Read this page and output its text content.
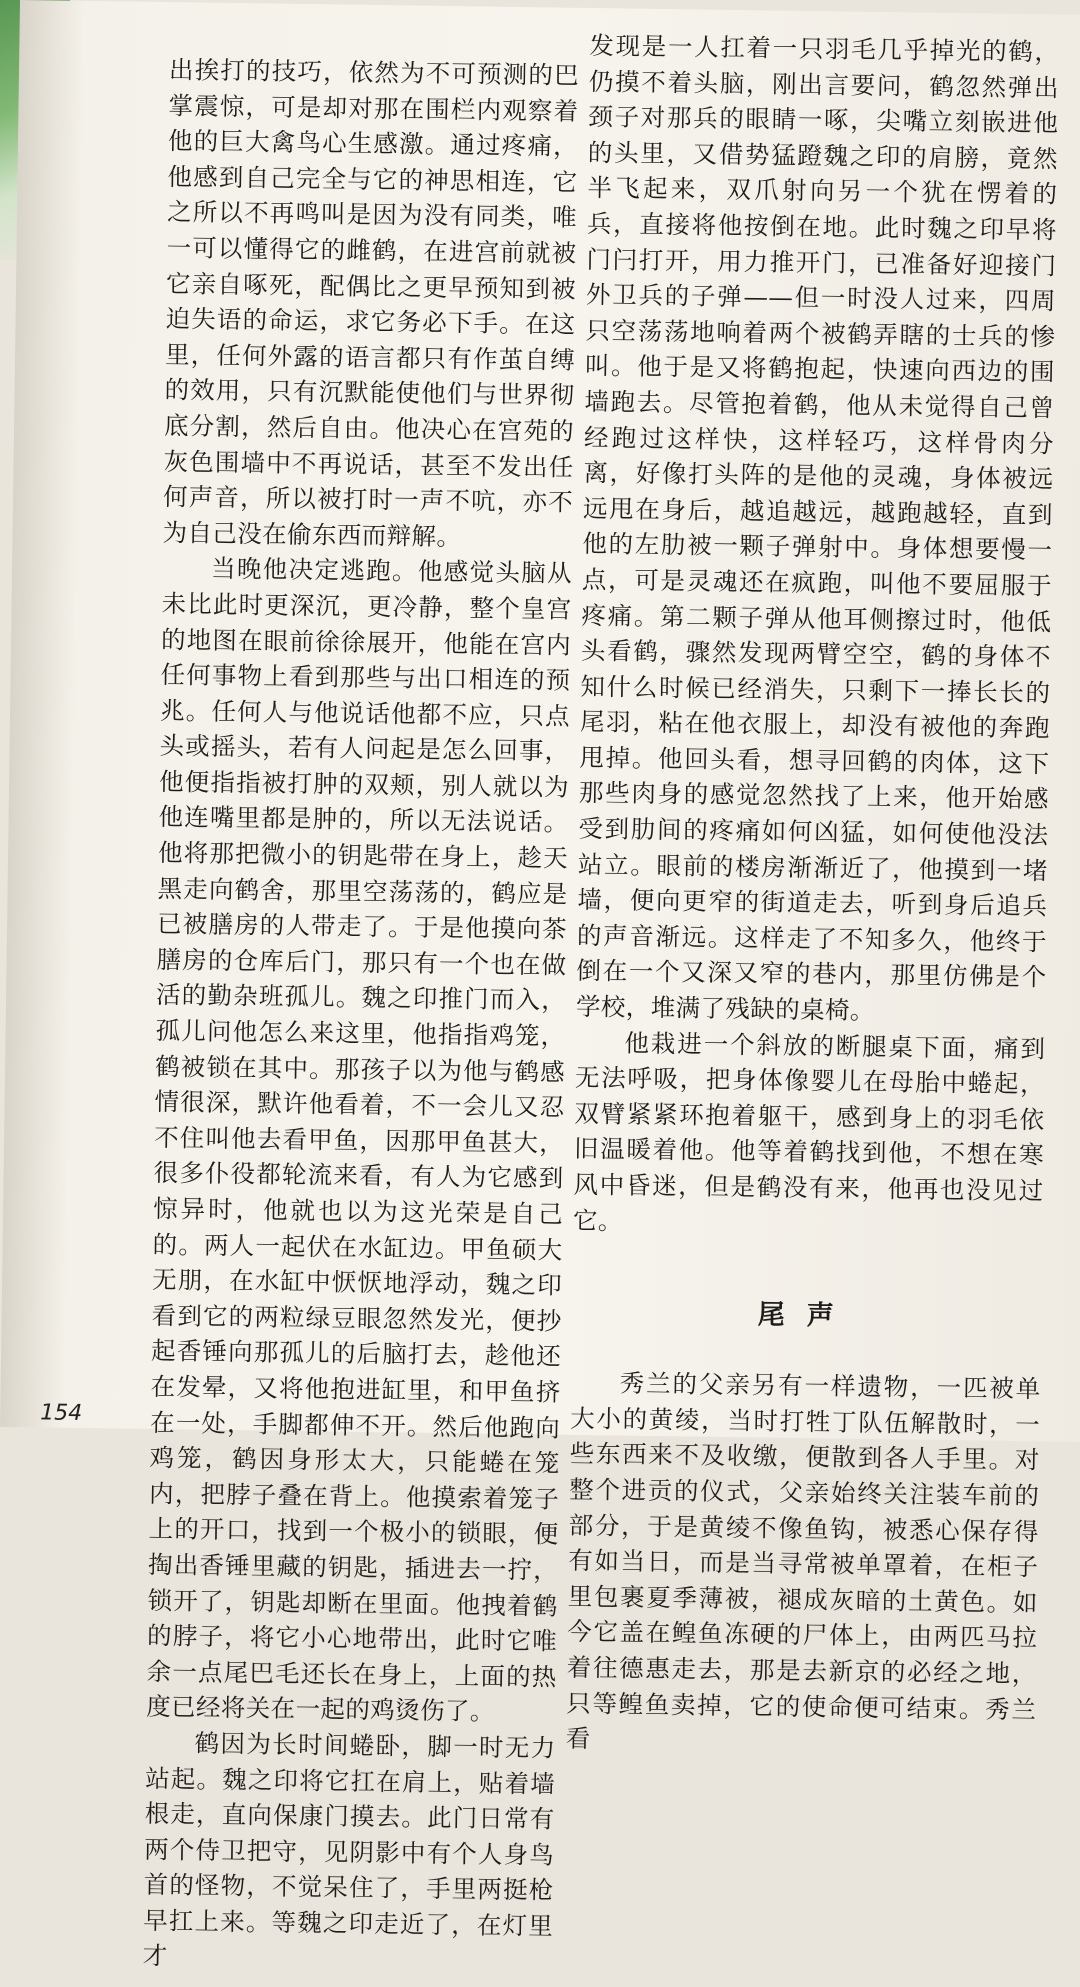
出挨打的技巧，依然为不可预测的巴掌震惊，可是却对那在围栏内观察着他的巨大禽鸟心生感激。通过疼痛，他感到自己完全与它的神思相连，它之所以不再鸣叫是因为没有同类，唯一可以懂得它的雌鹤，在进宫前就被它亲自啄死，配偶比之更早预知到被迫失语的命运，求它务必下手。在这里，任何外露的语言都只有作茧自缚的效用，只有沉默能使他们与世界彻底分割，然后自由。他决心在宫苑的灰色围墙中不再说话，甚至不发出任何声音，所以被打时一声不吭，亦不为自己没在偷东西而辩解。

当晚他决定逃跑。他感觉头脑从未比此时更深沉，更冷静，整个皇宫的地图在眼前徐徐展开，他能在宫内任何事物上看到那些与出口相连的预兆。任何人与他说话他都不应，只点头或摇头，若有人问起是怎么回事，他便指指被打肿的双颊，别人就以为他连嘴里都是肿的，所以无法说话。他将那把微小的钥匙带在身上，趁天黑走向鹤舍，那里空荡荡的，鹤应是已被膳房的人带走了。于是他摸向茶膳房的仓库后门，那只有一个也在做活的勤杂班孤儿。魏之印推门而入，孤儿问他怎么来这里，他指指鸡笼，鹤被锁在其中。那孩子以为他与鹤感情很深，默许他看着，不一会儿又忍不住叫他去看甲鱼，因那甲鱼甚大，很多仆役都轮流来看，有人为它感到惊异时，他就也以为这光荣是自己的。两人一起伏在水缸边。甲鱼硕大无朋，在水缸中恹恹地浮动，魏之印看到它的两粒绿豆眼忽然发光，便抄起香锤向那孤儿的后脑打去，趁他还在发晕，又将他抱进缸里，和甲鱼挤在一处，手脚都伸不开。然后他跑向鸡笼，鹤因身形太大，只能蜷在笼内，把脖子叠在背上。他摸索着笼子上的开口，找到一个极小的锁眼，便掏出香锤里藏的钥匙，插进去一拧，锁开了，钥匙却断在里面。他拽着鹤的脖子，将它小心地带出，此时它唯余一点尾巴毛还长在身上，上面的热度已经将关在一起的鸡烫伤了。

鹤因为长时间蜷卧，脚一时无力站起。魏之印将它扛在肩上，贴着墙根走，直向保康门摸去。此门日常有两个侍卫把守，见阴影中有个人身鸟首的怪物，不觉呆住了，手里两挺枪早扛上来。等魏之印走近了，在灯里才

发现是一人扛着一只羽毛几乎掉光的鹤，仍摸不着头脑，刚出言要问，鹤忽然弹出颈子对那兵的眼睛一啄，尖嘴立刻嵌进他的头里，又借势猛蹬魏之印的肩膀，竟然半飞起来，双爪射向另一个犹在愣着的兵，直接将他按倒在地。此时魏之印早将门闩打开，用力推开门，已准备好迎接门外卫兵的子弹——但一时没人过来，四周只空荡荡地响着两个被鹤弄瞎的士兵的惨叫。他于是又将鹤抱起，快速向西边的围墙跑去。尽管抱着鹤，他从未觉得自己曾经跑过这样快，这样轻巧，这样骨肉分离，好像打头阵的是他的灵魂，身体被远远甩在身后，越追越远，越跑越轻，直到他的左肋被一颗子弹射中。身体想要慢一点，可是灵魂还在疯跑，叫他不要屈服于疼痛。第二颗子弹从他耳侧擦过时，他低头看鹤，骤然发现两臂空空，鹤的身体不知什么时候已经消失，只剩下一捧长长的尾羽，粘在他衣服上，却没有被他的奔跑甩掉。他回头看，想寻回鹤的肉体，这下那些肉身的感觉忽然找了上来，他开始感受到肋间的疼痛如何凶猛，如何使他没法站立。眼前的楼房渐渐近了，他摸到一堵墙，便向更窄的街道走去，听到身后追兵的声音渐远。这样走了不知多久，他终于倒在一个又深又窄的巷内，那里仿佛是个学校，堆满了残缺的桌椅。

他栽进一个斜放的断腿桌下面，痛到无法呼吸，把身体像婴儿在母胎中蜷起，双臂紧紧环抱着躯干，感到身上的羽毛依旧温暖着他。他等着鹤找到他，不想在寒风中昏迷，但是鹤没有来，他再也没见过它。

尾声

秀兰的父亲另有一样遗物，一匹被单大小的黄绫，当时打牲丁队伍解散时，一些东西来不及收缴，便散到各人手里。对整个进贡的仪式，父亲始终关注装车前的部分，于是黄绫不像鱼钩，被悉心保存得有如当日，而是当寻常被单罩着，在柜子里包裹夏季薄被，褪成灰暗的土黄色。如今它盖在鳇鱼冻硬的尸体上，由两匹马拉着往德惠走去，那是去新京的必经之地，只等鳇鱼卖掉，它的使命便可结束。秀兰看

154
